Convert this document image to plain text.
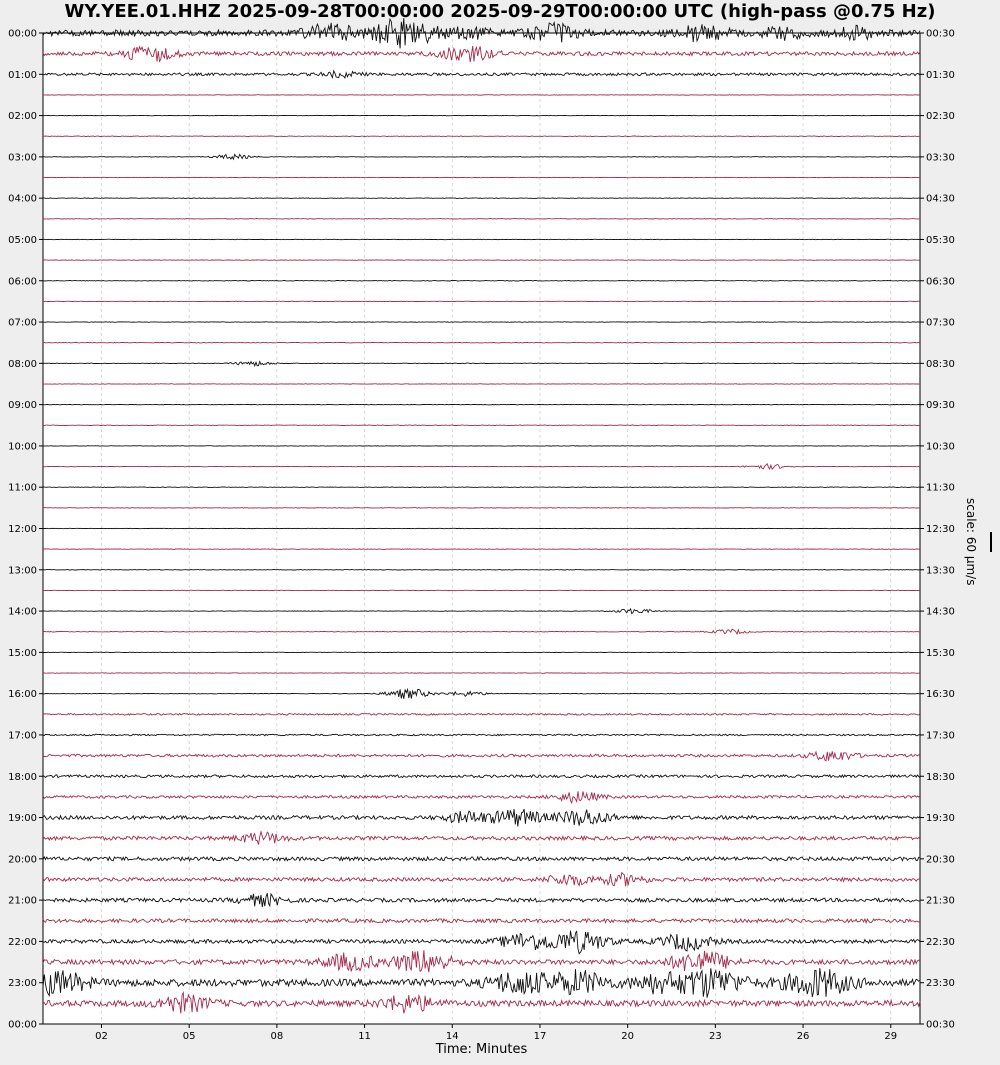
WY.YEE.01.HHZ 2025-09-28T00:00:00 2025-09-29T00:00:00 UTC (high-pass @0.75 Hz)
02	05	08	11	14	17	20	23	26	29
00:00
01:00
02:00
03:00
04:00
05:00
06:00
07:00
08:00
09:00
10:00
11:00
12:00
13:00
14:00
15:00
16:00
17:00
18:00
19:00
20:00
21:00
22:00
23:00
00:00
00:30
01:30
02:30
03:30
04:30
05:30
06:30
07:30
08:30
09:30
10:30
11:30
12:30
13:30
14:30
15:30
16:30
17:30
18:30
19:30
20:30
21:30
22:30
23:30
00:30
Time: Minutes
scale: 60 μm/s
